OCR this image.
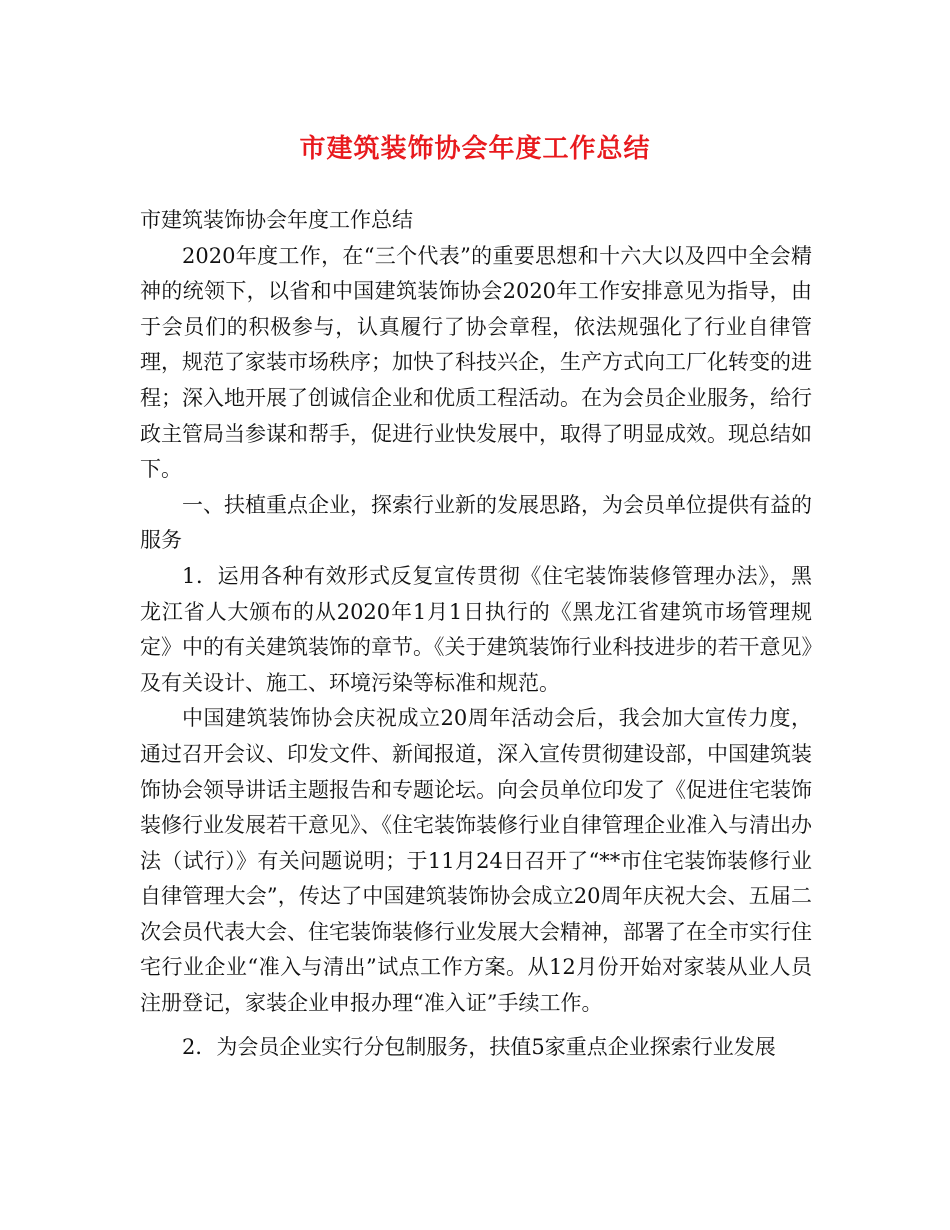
市建筑装饰协会年度工作总结

市建筑装饰协会年度工作总结

2020年度工作，在“三个代表”的重要思想和十六大以及四中全会精神的统领下，以省和中国建筑装饰协会2020年工作安排意见为指导，由于会员们的积极参与，认真履行了协会章程，依法规强化了行业自律管理，规范了家装市场秩序；加快了科技兴企，生产方式向工厂化转变的进程；深入地开展了创诚信企业和优质工程活动。在为会员企业服务，给行政主管局当参谋和帮手，促进行业快发展中，取得了明显成效。现总结如下。

一、扶植重点企业，探索行业新的发展思路，为会员单位提供有益的服务

1．运用各种有效形式反复宣传贯彻《住宅装饰装修管理办法》，黑龙江省人大颁布的从2020年1月1日执行的《黑龙江省建筑市场管理规定》中的有关建筑装饰的章节。《关于建筑装饰行业科技进步的若干意见》及有关设计、施工、环境污染等标准和规范。

中国建筑装饰协会庆祝成立20周年活动会后，我会加大宣传力度，通过召开会议、印发文件、新闻报道，深入宣传贯彻建设部，中国建筑装饰协会领导讲话主题报告和专题论坛。向会员单位印发了《促进住宅装饰装修行业发展若干意见》、《住宅装饰装修行业自律管理企业准入与清出办法（试行）》有关问题说明；于11月24日召开了“**市住宅装饰装修行业自律管理大会”，传达了中国建筑装饰协会成立20周年庆祝大会、五届二次会员代表大会、住宅装饰装修行业发展大会精神，部署了在全市实行住宅行业企业“准入与清出”试点工作方案。从12月份开始对家装从业人员注册登记，家装企业申报办理“准入证”手续工作。

2．为会员企业实行分包制服务，扶值5家重点企业探索行业发展
